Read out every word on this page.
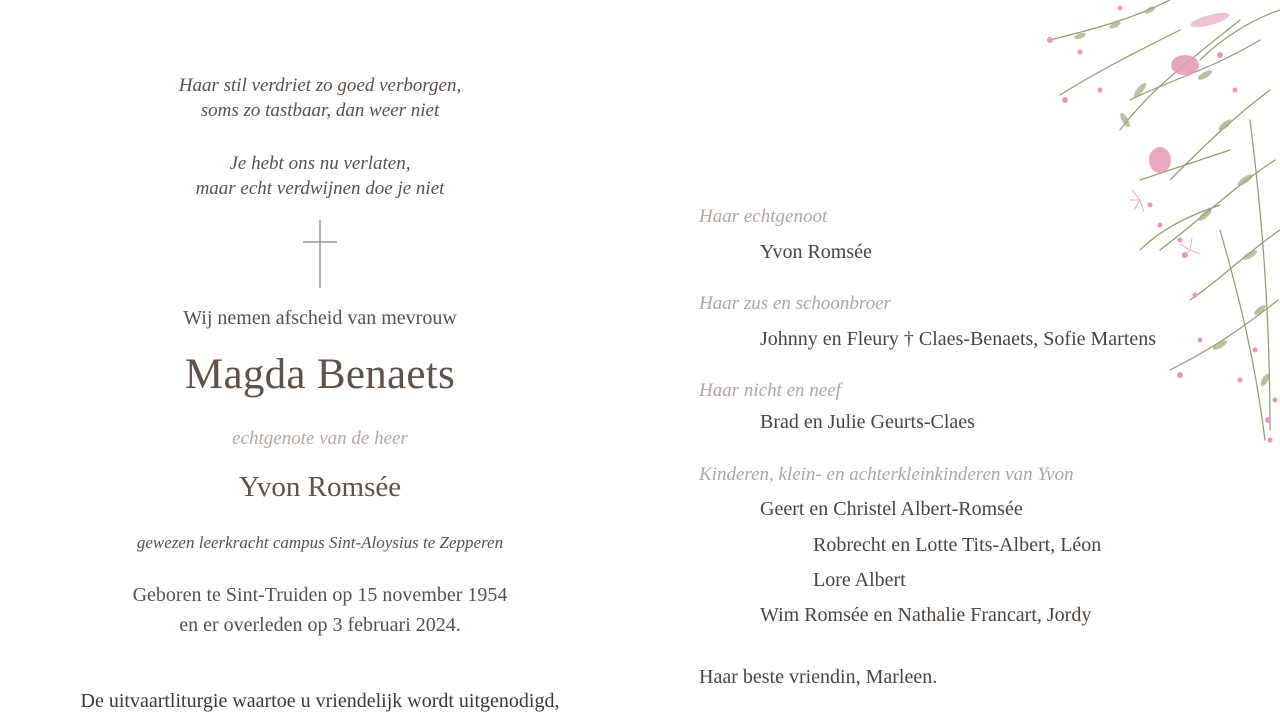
Haar stil verdriet zo goed verborgen,
soms zo tastbaar, dan weer niet
Je hebt ons nu verlaten,
maar echt verdwijnen doe je niet
Wij nemen afscheid van mevrouw
Magda Benaets
echtgenote van de heer
Yvon Romsée
gewezen leerkracht campus Sint-Aloysius te Zepperen
Geboren te Sint-Truiden op 15 november 1954
en er overleden op 3 februari 2024.
De uitvaartliturgie waartoe u vriendelijk wordt uitgenodigd,
Haar echtgenoot
Yvon Romsée
Haar zus en schoonbroer
Johnny en Fleury † Claes-Benaets, Sofie Martens
Haar nicht en neef
Brad en Julie Geurts-Claes
Kinderen, klein- en achterkleinkinderen van Yvon
Geert en Christel Albert-Romsée
Robrecht en Lotte Tits-Albert, Léon
Lore Albert
Wim Romsée en Nathalie Francart, Jordy
Haar beste vriendin, Marleen.
